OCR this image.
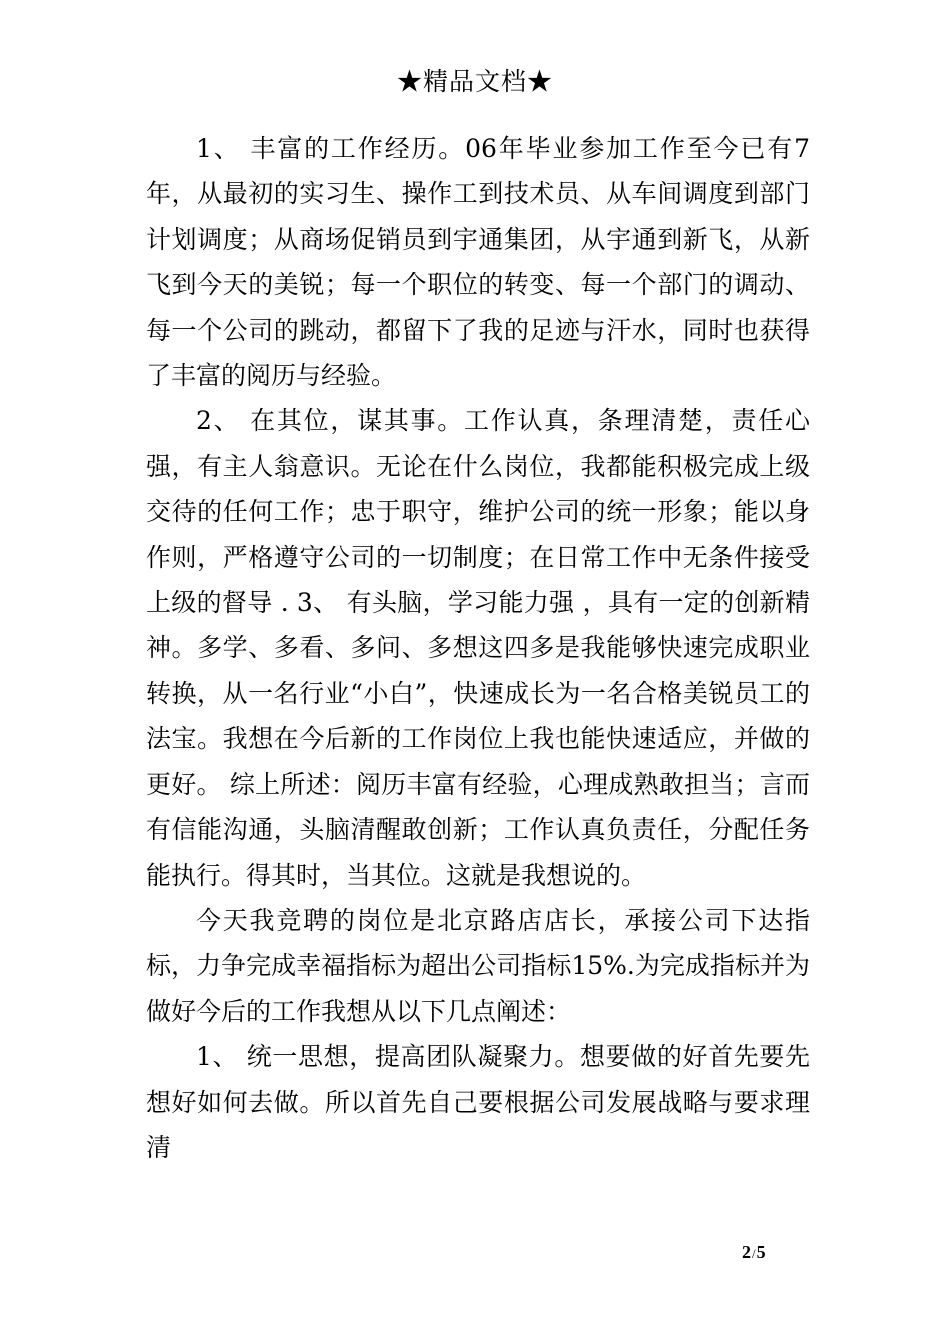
★精品文档★

1、 丰富的工作经历。06年毕业参加工作至今已有7年，从最初的实习生、操作工到技术员、从车间调度到部门计划调度；从商场促销员到宇通集团，从宇通到新飞，从新飞到今天的美锐；每一个职位的转变、每一个部门的调动、每一个公司的跳动，都留下了我的足迹与汗水，同时也获得了丰富的阅历与经验。

2、 在其位，谋其事。工作认真，条理清楚，责任心强，有主人翁意识。无论在什么岗位，我都能积极完成上级交待的任何工作；忠于职守，维护公司的统一形象；能以身作则，严格遵守公司的一切制度；在日常工作中无条件接受上级的督导 . 3、 有头脑，学习能力强 ，具有一定的创新精神。多学、多看、多问、多想这四多是我能够快速完成职业转换，从一名行业“小白”，快速成长为一名合格美锐员工的法宝。我想在今后新的工作岗位上我也能快速适应，并做的更好。 综上所述：阅历丰富有经验，心理成熟敢担当；言而有信能沟通，头脑清醒敢创新；工作认真负责任，分配任务能执行。得其时，当其位。这就是我想说的。

今天我竞聘的岗位是北京路店店长，承接公司下达指标，力争完成幸福指标为超出公司指标15%.为完成指标并为做好今后的工作我想从以下几点阐述：

1、 统一思想，提高团队凝聚力。想要做的好首先要先想好如何去做。所以首先自己要根据公司发展战略与要求理清

2/5
